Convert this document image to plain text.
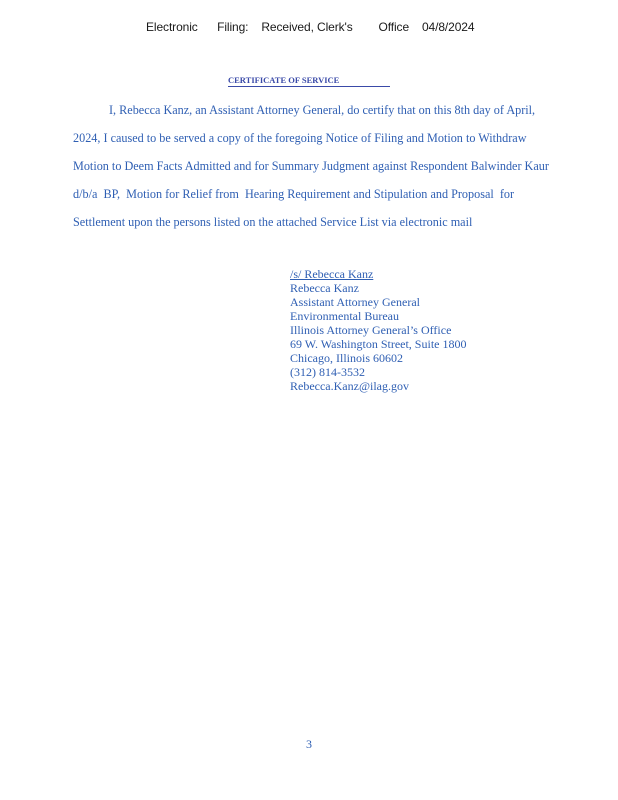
Electronic      Filing:    Received, Clerk's        Office    04/8/2024
CERTIFICATE OF SERVICE
I, Rebecca Kanz, an Assistant Attorney General, do certify that on this 8th day of April,
2024, I caused to be served a copy of the foregoing Notice of Filing and Motion to Withdraw
Motion to Deem Facts Admitted and for Summary Judgment against Respondent Balwinder Kaur
d/b/a  BP,  Motion for Relief from  Hearing Requirement and Stipulation and Proposal  for
Settlement upon the persons listed on the attached Service List via electronic mail
/s/ Rebecca Kanz
Rebecca Kanz
Assistant Attorney General
Environmental Bureau
Illinois Attorney General’s Office
69 W. Washington Street, Suite 1800
Chicago, Illinois 60602
(312) 814-3532
Rebecca.Kanz@ilag.gov
3
